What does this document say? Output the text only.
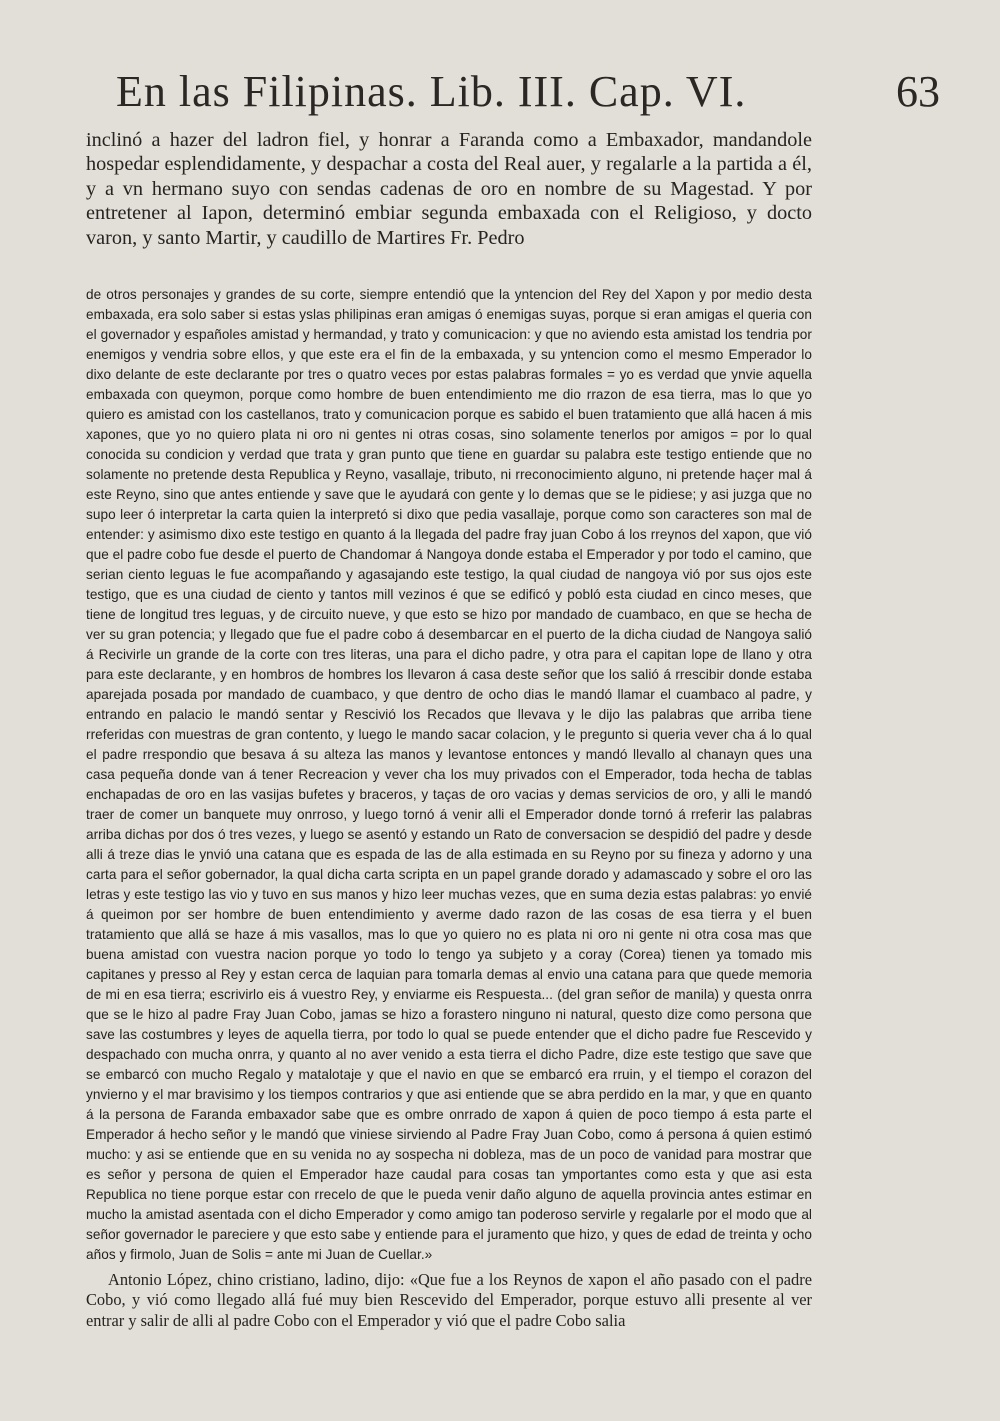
En las Filipinas. Lib. III. Cap. VI.	63

inclinó a hazer del ladron fiel, y honrar a Faranda como a Embaxador, mandandole hospedar esplendidamente, y despachar a costa del Real auer, y regalarle a la partida a él, y a vn hermano suyo con sendas cadenas de oro en nombre de su Magestad. Y por entretener al Iapon, determinó embiar segunda embaxada con el Religioso, y docto varon, y santo Martir, y caudillo de Martires Fr. Pedro

de otros personajes y grandes de su corte, siempre entendió que la yntencion del Rey del Xapon y por medio desta embaxada, era solo saber si estas yslas philipinas eran amigas ó enemigas suyas, porque si eran amigas el queria con el governador y españoles amistad y hermandad, y trato y comunicacion: y que no aviendo esta amistad los tendria por enemigos y vendria sobre ellos, y que este era el fin de la embaxada, y su yntencion como el mesmo Emperador lo dixo delante de este declarante por tres o quatro veces por estas palabras formales = yo es verdad que ynvie aquella embaxada con queymon, porque como hombre de buen entendimiento me dio rrazon de esa tierra, mas lo que yo quiero es amistad con los castellanos, trato y comunicacion porque es sabido el buen tratamiento que allá hacen á mis xapones, que yo no quiero plata ni oro ni gentes ni otras cosas, sino solamente tenerlos por amigos = por lo qual conocida su condicion y verdad que trata y gran punto que tiene en guardar su palabra este testigo entiende que no solamente no pretende desta Republica y Reyno, vasallaje, tributo, ni rreconocimiento alguno, ni pretende haçer mal á este Reyno, sino que antes entiende y save que le ayudará con gente y lo demas que se le pidiese; y asi juzga que no supo leer ó interpretar la carta quien la interpretó si dixo que pedia vasallaje, porque como son caracteres son mal de entender: y asimismo dixo este testigo en quanto á la llegada del padre fray juan Cobo á los rreynos del xapon, que vió que el padre cobo fue desde el puerto de Chandomar á Nangoya donde estaba el Emperador y por todo el camino, que serian ciento leguas le fue acompañando y agasajando este testigo, la qual ciudad de nangoya vió por sus ojos este testigo, que es una ciudad de ciento y tantos mill vezinos é que se edificó y pobló esta ciudad en cinco meses, que tiene de longitud tres leguas, y de circuito nueve, y que esto se hizo por mandado de cuambaco, en que se hecha de ver su gran potencia; y llegado que fue el padre cobo á desembarcar en el puerto de la dicha ciudad de Nangoya salió á Recivirle un grande de la corte con tres literas, una para el dicho padre, y otra para el capitan lope de llano y otra para este declarante, y en hombros de hombres los llevaron á casa deste señor que los salió á rrescibir donde estaba aparejada posada por mandado de cuambaco, y que dentro de ocho dias le mandó llamar el cuambaco al padre, y entrando en palacio le mandó sentar y Rescivió los Recados que llevava y le dijo las palabras que arriba tiene rreferidas con muestras de gran contento, y luego le mando sacar colacion, y le pregunto si queria vever cha á lo qual el padre rrespondio que besava á su alteza las manos y levantose entonces y mandó llevallo al chanayn ques una casa pequeña donde van á tener Recreacion y vever cha los muy privados con el Emperador, toda hecha de tablas enchapadas de oro en las vasijas bufetes y braceros, y taças de oro vacias y demas servicios de oro, y alli le mandó traer de comer un banquete muy onrroso, y luego tornó á venir alli el Emperador donde tornó á rreferir las palabras arriba dichas por dos ó tres vezes, y luego se asentó y estando un Rato de conversacion se despidió del padre y desde alli á treze dias le ynvió una catana que es espada de las de alla estimada en su Reyno por su fineza y adorno y una carta para el señor gobernador, la qual dicha carta scripta en un papel grande dorado y adamascado y sobre el oro las letras y este testigo las vio y tuvo en sus manos y hizo leer muchas vezes, que en suma dezia estas palabras: yo envié á queimon por ser hombre de buen entendimiento y averme dado razon de las cosas de esa tierra y el buen tratamiento que allá se haze á mis vasallos, mas lo que yo quiero no es plata ni oro ni gente ni otra cosa mas que buena amistad con vuestra nacion porque yo todo lo tengo ya subjeto y a coray (Corea) tienen ya tomado mis capitanes y presso al Rey y estan cerca de laquian para tomarla demas al envio una catana para que quede memoria de mi en esa tierra; escrivirlo eis á vuestro Rey, y enviarme eis Respuesta... (del gran señor de manila) y questa onrra que se le hizo al padre Fray Juan Cobo, jamas se hizo a forastero ninguno ni natural, questo dize como persona que save las costumbres y leyes de aquella tierra, por todo lo qual se puede entender que el dicho padre fue Rescevido y despachado con mucha onrra, y quanto al no aver venido a esta tierra el dicho Padre, dize este testigo que save que se embarcó con mucho Regalo y matalotaje y que el navio en que se embarcó era rruin, y el tiempo el corazon del ynvierno y el mar bravisimo y los tiempos contrarios y que asi entiende que se abra perdido en la mar, y que en quanto á la persona de Faranda embaxador sabe que es ombre onrrado de xapon á quien de poco tiempo á esta parte el Emperador á hecho señor y le mandó que viniese sirviendo al Padre Fray Juan Cobo, como á persona á quien estimó mucho: y asi se entiende que en su venida no ay sospecha ni dobleza, mas de un poco de vanidad para mostrar que es señor y persona de quien el Emperador haze caudal para cosas tan ymportantes como esta y que asi esta Republica no tiene porque estar con rrecelo de que le pueda venir daño alguno de aquella provincia antes estimar en mucho la amistad asentada con el dicho Emperador y como amigo tan poderoso servirle y regalarle por el modo que al señor governador le pareciere y que esto sabe y entiende para el juramento que hizo, y ques de edad de treinta y ocho años y firmolo, Juan de Solis = ante mi Juan de Cuellar.»

Antonio López, chino cristiano, ladino, dijo: «Que fue a los Reynos de xapon el año pasado con el padre Cobo, y vió como llegado allá fué muy bien Rescevido del Emperador, porque estuvo alli presente al ver entrar y salir de alli al padre Cobo con el Emperador y vió que el padre Cobo salia
